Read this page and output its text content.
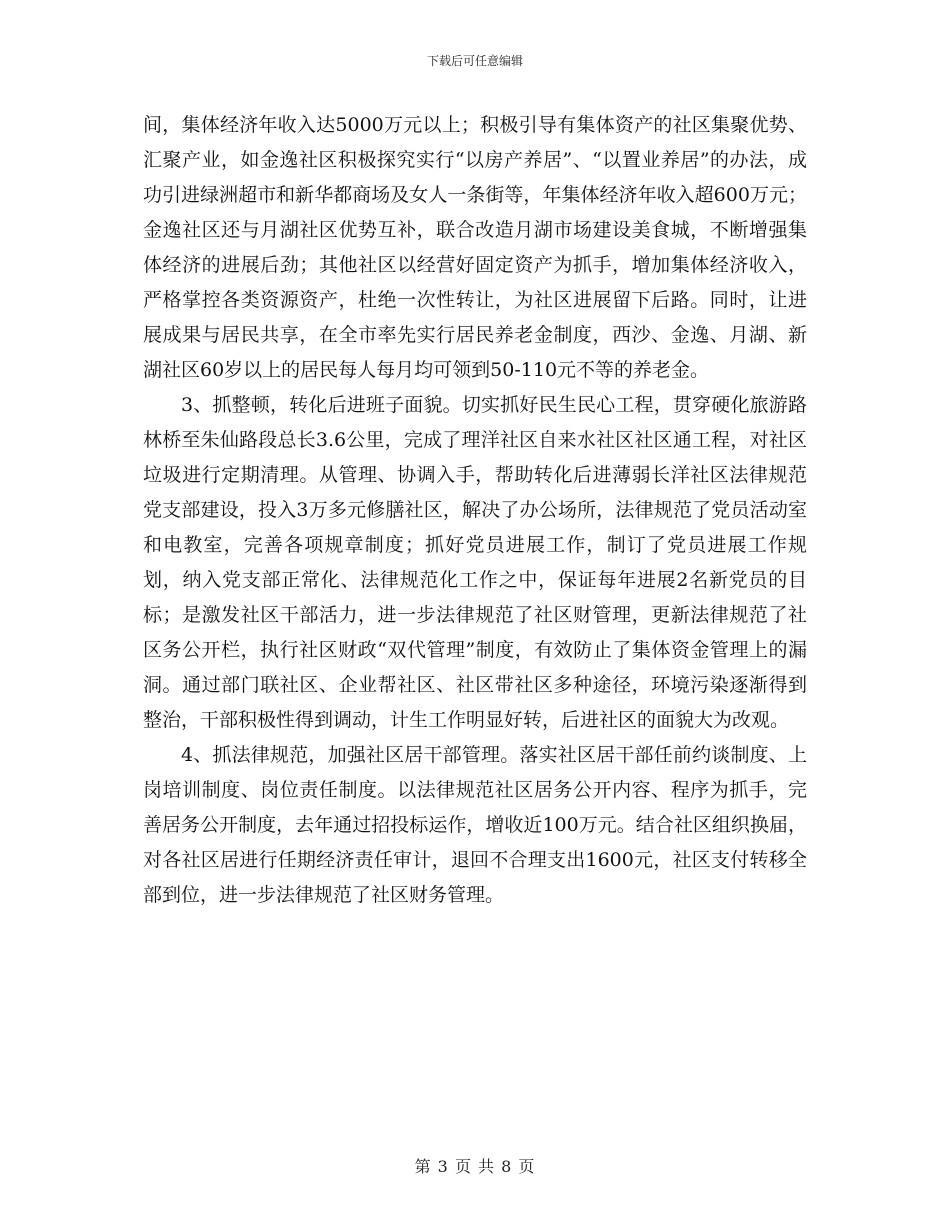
下载后可任意编辑

间，集体经济年收入达5000万元以上；积极引导有集体资产的社区集聚优势、汇聚产业，如金逸社区积极探究实行“以房产养居”、“以置业养居”的办法，成功引进绿洲超市和新华都商场及女人一条街等，年集体经济年收入超600万元；金逸社区还与月湖社区优势互补，联合改造月湖市场建设美食城，不断增强集体经济的进展后劲；其他社区以经营好固定资产为抓手，增加集体经济收入，严格掌控各类资源资产，杜绝一次性转让，为社区进展留下后路。同时，让进展成果与居民共享，在全市率先实行居民养老金制度，西沙、金逸、月湖、新湖社区60岁以上的居民每人每月均可领到50-110元不等的养老金。

3、抓整顿，转化后进班子面貌。切实抓好民生民心工程，贯穿硬化旅游路林桥至朱仙路段总长3.6公里，完成了理洋社区自来水社区社区通工程，对社区垃圾进行定期清理。从管理、协调入手，帮助转化后进薄弱长洋社区法律规范党支部建设，投入3万多元修膳社区，解决了办公场所，法律规范了党员活动室和电教室，完善各项规章制度；抓好党员进展工作，制订了党员进展工作规划，纳入党支部正常化、法律规范化工作之中，保证每年进展2名新党员的目标；是激发社区干部活力，进一步法律规范了社区财管理，更新法律规范了社区务公开栏，执行社区财政“双代管理”制度，有效防止了集体资金管理上的漏洞。通过部门联社区、企业帮社区、社区带社区多种途径，环境污染逐渐得到整治，干部积极性得到调动，计生工作明显好转，后进社区的面貌大为改观。

4、抓法律规范，加强社区居干部管理。落实社区居干部任前约谈制度、上岗培训制度、岗位责任制度。以法律规范社区居务公开内容、程序为抓手，完善居务公开制度，去年通过招投标运作，增收近100万元。结合社区组织换届，对各社区居进行任期经济责任审计，退回不合理支出1600元，社区支付转移全部到位，进一步法律规范了社区财务管理。

第 3 页 共 8 页
